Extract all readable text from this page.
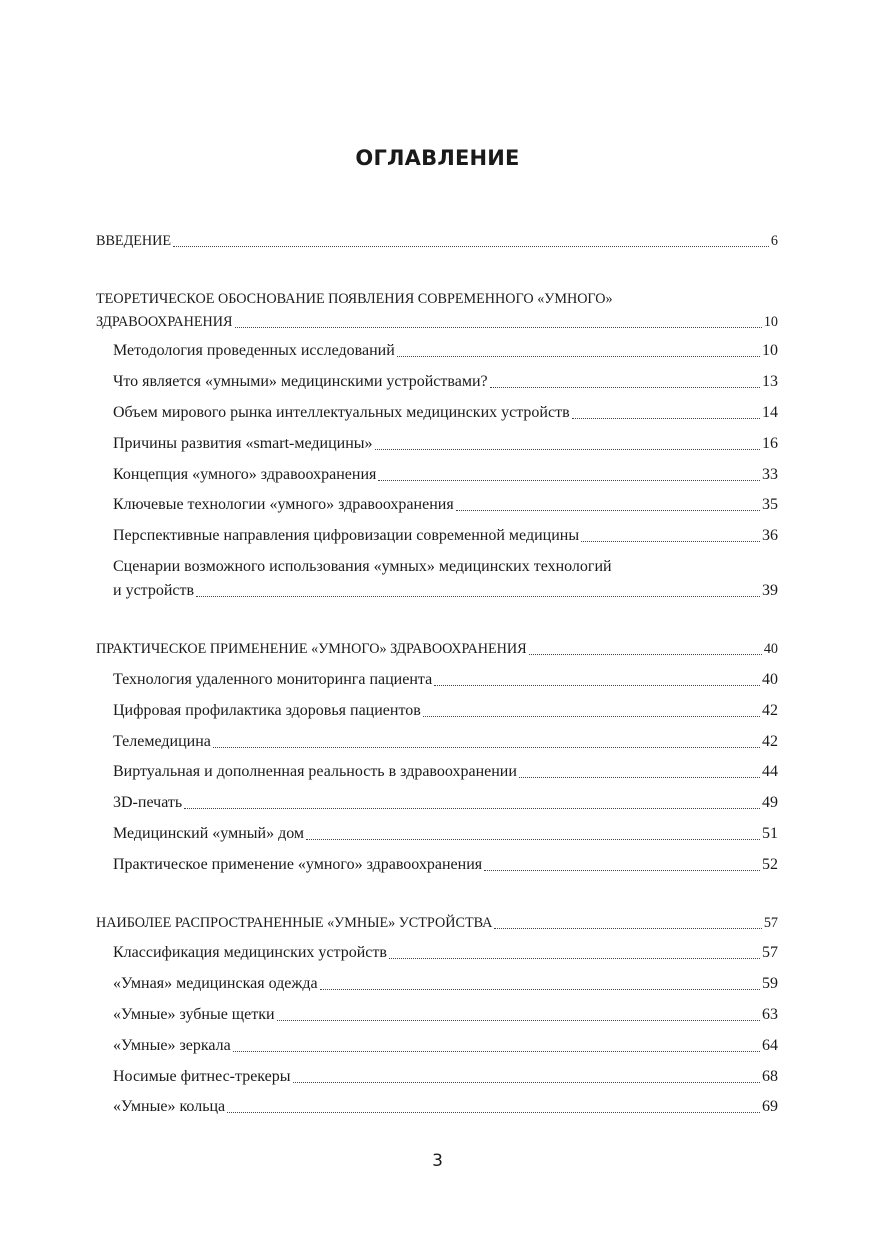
ОГЛАВЛЕНИЕ
ВВЕДЕНИЕ	6
ТЕОРЕТИЧЕСКОЕ ОБОСНОВАНИЕ ПОЯВЛЕНИЯ СОВРЕМЕННОГО «УМНОГО»
ЗДРАВООХРАНЕНИЯ	10
Методология проведенных исследований	10
Что является «умными» медицинскими устройствами?	13
Объем мирового рынка интеллектуальных медицинских устройств	14
Причины развития «smart-медицины»	16
Концепция «умного» здравоохранения	33
Ключевые технологии «умного» здравоохранения	35
Перспективные направления цифровизации современной медицины	36
Сценарии возможного использования «умных» медицинских технологий
и устройств	39
ПРАКТИЧЕСКОЕ ПРИМЕНЕНИЕ «УМНОГО» ЗДРАВООХРАНЕНИЯ	40
Технология удаленного мониторинга пациента	40
Цифровая профилактика здоровья пациентов	42
Телемедицина	42
Виртуальная и дополненная реальность в здравоохранении	44
3D-печать	49
Медицинский «умный» дом	51
Практическое применение «умного» здравоохранения	52
НАИБОЛЕЕ РАСПРОСТРАНЕННЫЕ «УМНЫЕ» УСТРОЙСТВА	57
Классификация медицинских устройств	57
«Умная» медицинская одежда	59
«Умные» зубные щетки	63
«Умные» зеркала	64
Носимые фитнес-трекеры	68
«Умные» кольца	69
3
